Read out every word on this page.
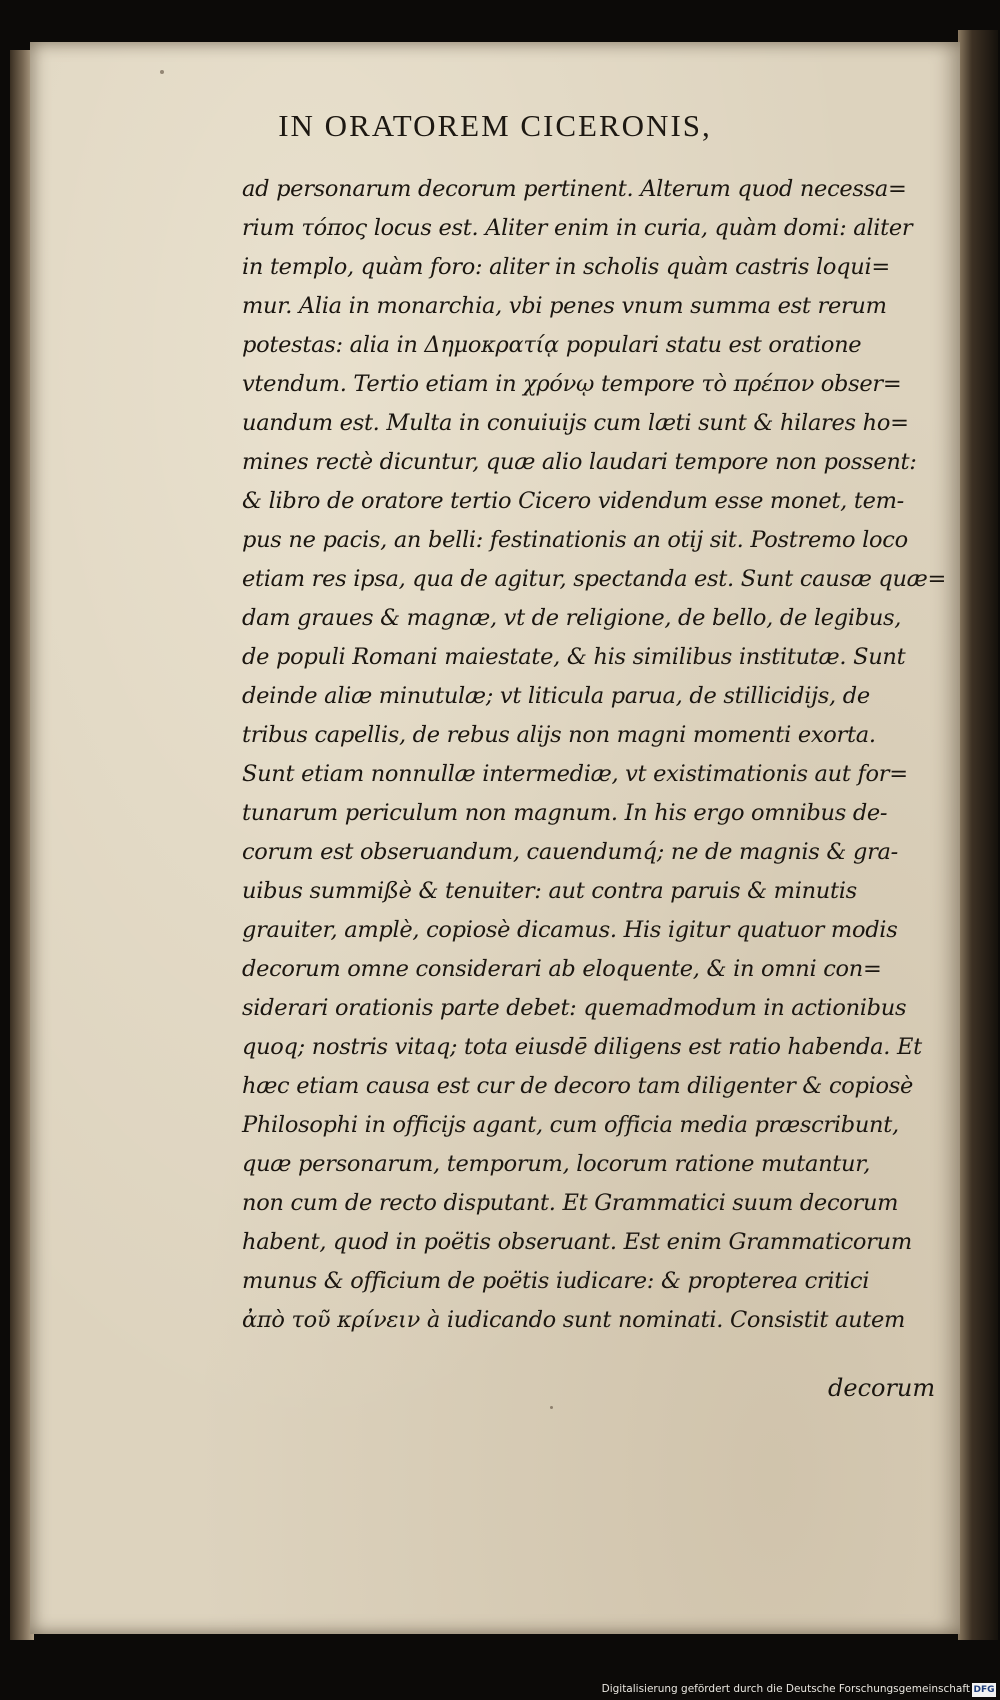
IN ORATOREM CICERONIS,
ad personarum decorum pertinent. Alterum quod necessa=
rium τόπος locus est. Aliter enim in curia, quàm domi: aliter
in templo, quàm foro: aliter in scholis quàm castris loqui=
mur. Alia in monarchia, vbi penes vnum summa est rerum
potestas: alia in Δημοκρατίᾳ populari statu est oratione
vtendum. Tertio etiam in χρόνῳ tempore τὸ πρέπον obser=
uandum est. Multa in conuiuijs cum læti sunt & hilares ho=
mines rectè dicuntur, quæ alio laudari tempore non possent:
& libro de oratore tertio Cicero videndum esse monet, tem-
pus ne pacis, an belli: festinationis an otij sit. Postremo loco
etiam res ipsa, qua de agitur, spectanda est. Sunt causæ quæ=
dam graues & magnæ, vt de religione, de bello, de legibus,
de populi Romani maiestate, & his similibus institutæ. Sunt
deinde aliæ minutulæ; vt liticula parua, de stillicidijs, de
tribus capellis, de rebus alijs non magni momenti exorta.
Sunt etiam nonnullæ intermediæ, vt existimationis aut for=
tunarum periculum non magnum. In his ergo omnibus de-
corum est obseruandum, cauendumq́; ne de magnis & gra-
uibus summißè & tenuiter: aut contra paruis & minutis
grauiter, amplè, copiosè dicamus. His igitur quatuor modis
decorum omne considerari ab eloquente, & in omni con=
siderari orationis parte debet: quemadmodum in actionibus
quoq; nostris vitaq; tota eiusdē diligens est ratio habenda. Et
hæc etiam causa est cur de decoro tam diligenter & copiosè
Philosophi in officijs agant, cum officia media præscribunt,
quæ personarum, temporum, locorum ratione mutantur,
non cum de recto disputant. Et Grammatici suum decorum
habent, quod in poëtis obseruant. Est enim Grammaticorum
munus & officium de poëtis iudicare: & propterea critici
ἀπὸ τοῦ κρίνειν à iudicando sunt nominati. Consistit autem
decorum
Digitalisierung gefördert durch die Deutsche Forschungsgemeinschaft DFG
